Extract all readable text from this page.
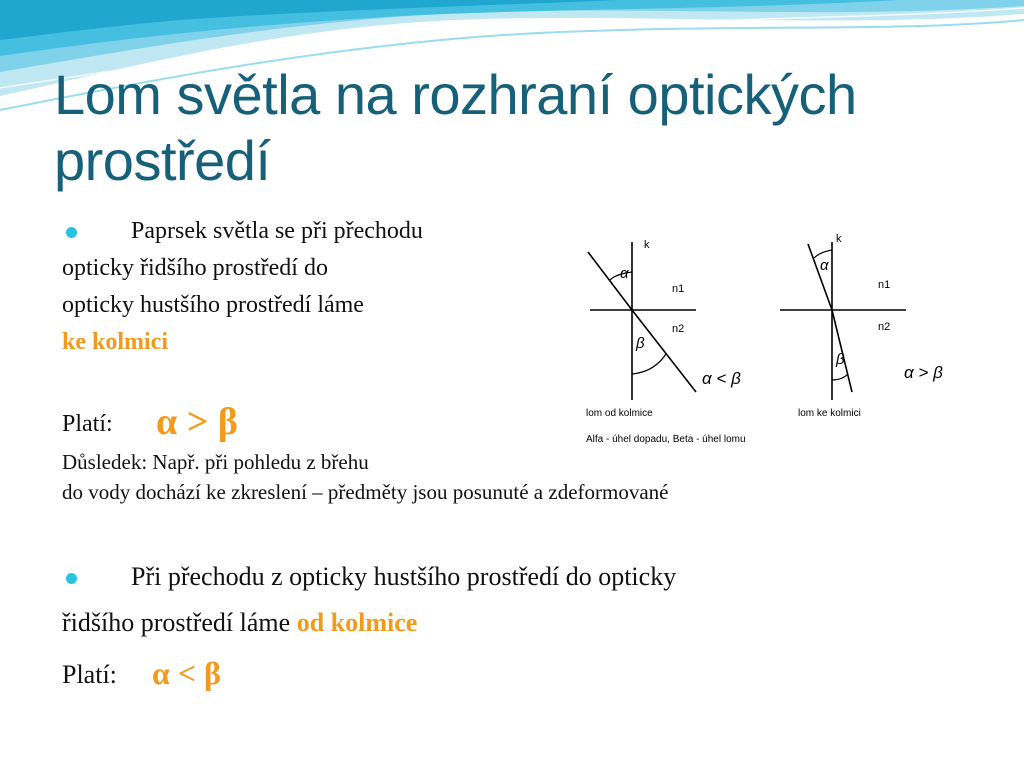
Lom světla na rozhraní optických prostředí
Paprsek světla se při přechodu
opticky řidšího prostředí do
opticky hustšího prostředí láme
ke kolmici
Platí: α > β
Důsledek: Např. při pohledu z břehu
do vody dochází ke zkreslení – předměty jsou posunuté a zdeformované
Při přechodu z opticky hustšího prostředí do opticky
řidšího prostředí láme od kolmice
Platí: α < β
k
n1
n2
α
β
α < β
lom od kolmice
k
n1
n2
α
β
α > β
lom ke kolmici
Alfa - úhel dopadu, Beta - úhel lomu
